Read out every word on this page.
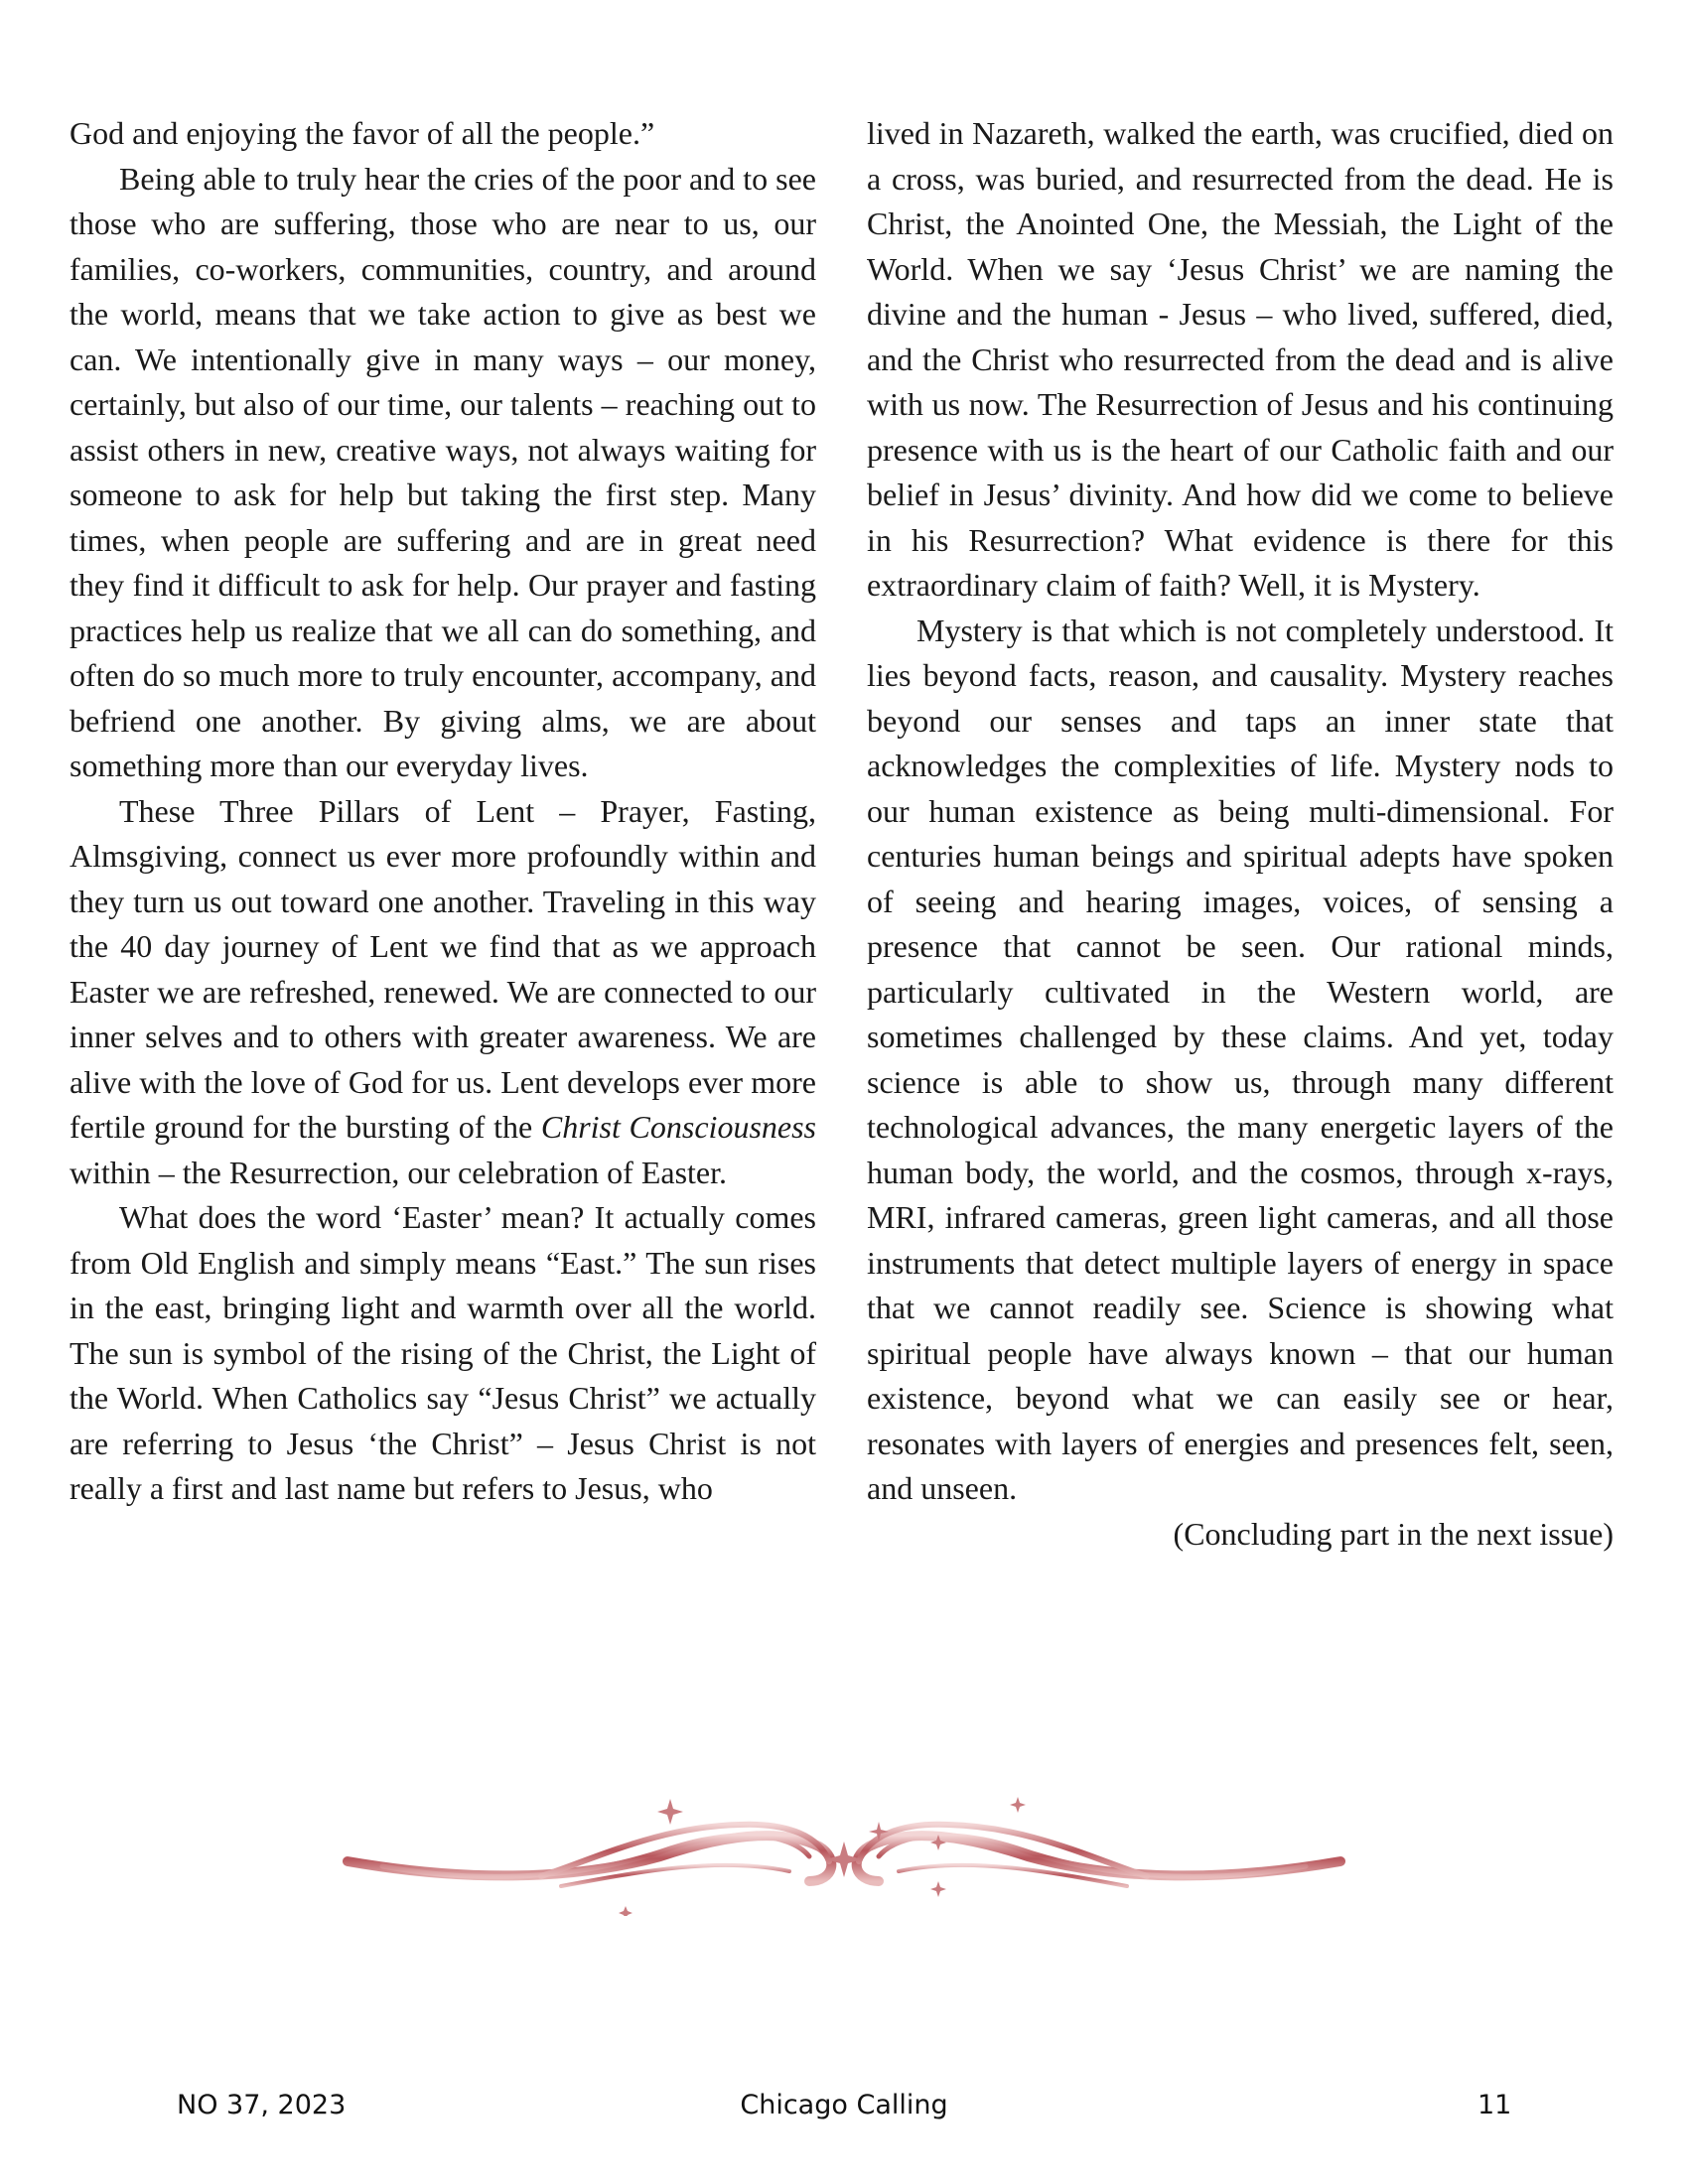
God and enjoying the favor of all the people.”

Being able to truly hear the cries of the poor and to see those who are suffering, those who are near to us, our families, co-workers, communities, country, and around the world, means that we take action to give as best we can. We intentionally give in many ways – our money, certainly, but also of our time, our talents – reaching out to assist others in new, creative ways, not always waiting for someone to ask for help but taking the first step. Many times, when people are suffering and are in great need they find it difficult to ask for help. Our prayer and fasting practices help us realize that we all can do something, and often do so much more to truly encounter, accompany, and befriend one another. By giving alms, we are about something more than our everyday lives.

These Three Pillars of Lent – Prayer, Fasting, Almsgiving, connect us ever more profoundly within and they turn us out toward one another. Traveling in this way the 40 day journey of Lent we find that as we approach Easter we are refreshed, renewed. We are connected to our inner selves and to others with greater awareness. We are alive with the love of God for us. Lent develops ever more fertile ground for the bursting of the Christ Consciousness within – the Resurrection, our celebration of Easter.

What does the word ‘Easter’ mean? It actually comes from Old English and simply means “East.” The sun rises in the east, bringing light and warmth over all the world. The sun is symbol of the rising of the Christ, the Light of the World. When Catholics say “Jesus Christ” we actually are referring to Jesus ‘the Christ” – Jesus Christ is not really a first and last name but refers to Jesus, who

lived in Nazareth, walked the earth, was crucified, died on a cross, was buried, and resurrected from the dead. He is Christ, the Anointed One, the Messiah, the Light of the World. When we say ‘Jesus Christ’ we are naming the divine and the human - Jesus – who lived, suffered, died, and the Christ who resurrected from the dead and is alive with us now. The Resurrection of Jesus and his continuing presence with us is the heart of our Catholic faith and our belief in Jesus’ divinity. And how did we come to believe in his Resurrection? What evidence is there for this extraordinary claim of faith? Well, it is Mystery.

Mystery is that which is not completely understood. It lies beyond facts, reason, and causality. Mystery reaches beyond our senses and taps an inner state that acknowledges the complexities of life. Mystery nods to our human existence as being multi-dimensional. For centuries human beings and spiritual adepts have spoken of seeing and hearing images, voices, of sensing a presence that cannot be seen. Our rational minds, particularly cultivated in the Western world, are sometimes challenged by these claims. And yet, today science is able to show us, through many different technological advances, the many energetic layers of the human body, the world, and the cosmos, through x-rays, MRI, infrared cameras, green light cameras, and all those instruments that detect multiple layers of energy in space that we cannot readily see. Science is showing what spiritual people have always known – that our human existence, beyond what we can easily see or hear, resonates with layers of energies and presences felt, seen, and unseen.

(Concluding part in the next issue)

NO 37, 2023	Chicago Calling	11
